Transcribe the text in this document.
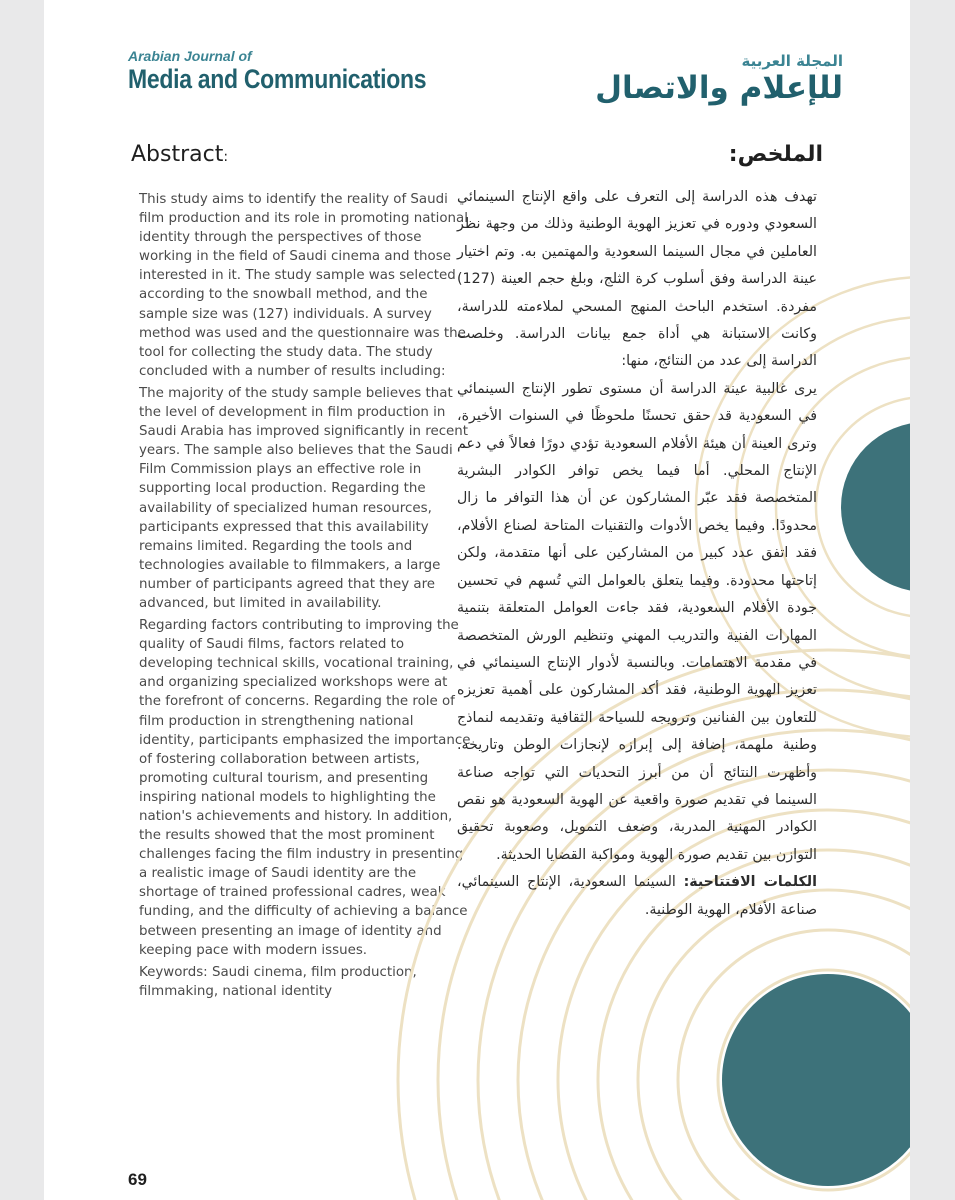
Arabian Journal of
Media and Communications
المجلة العربية
للإعلام والاتصال
Abstract:

This study aims to identify the reality of Saudi film production and its role in promoting national identity through the perspectives of those working in the field of Saudi cinema and those interested in it. The study sample was selected according to the snowball method, and the sample size was (127) individuals. A survey method was used and the questionnaire was the tool for collecting the study data. The study concluded with a number of results including:

The majority of the study sample believes that the level of development in film production in Saudi Arabia has improved significantly in recent years. The sample also believes that the Saudi Film Commission plays an effective role in supporting local production. Regarding the availability of specialized human resources, participants expressed that this availability remains limited. Regarding the tools and technologies available to filmmakers, a large number of participants agreed that they are advanced, but limited in availability.

Regarding factors contributing to improving the quality of Saudi films, factors related to developing technical skills, vocational training, and organizing specialized workshops were at the forefront of concerns. Regarding the role of film production in strengthening national identity, participants emphasized the importance of fostering collaboration between artists, promoting cultural tourism, and presenting inspiring national models to highlighting the nation's achievements and history. In addition, the results showed that the most prominent challenges facing the film industry in presenting a realistic image of Saudi identity are the shortage of trained professional cadres, weak funding, and the difficulty of achieving a balance between presenting an image of identity and keeping pace with modern issues.

Keywords: Saudi cinema, film production, filmmaking, national identity

الملخص:

تهدف هذه الدراسة إلى التعرف على واقع الإنتاج السينمائي السعودي ودوره في تعزيز الهوية الوطنية وذلك من وجهة نظر العاملين في مجال السينما السعودية والمهتمين به. وتم اختيار عينة الدراسة وفق أسلوب كرة الثلج، وبلغ حجم العينة (127) مفردة. استخدم الباحث المنهج المسحي لملاءمته للدراسة، وكانت الاستبانة هي أداة جمع بيانات الدراسة. وخلصت الدراسة إلى عدد من النتائج، منها:

يرى غالبية عينة الدراسة أن مستوى تطور الإنتاج السينمائي في السعودية قد حقق تحسنًا ملحوظًا في السنوات الأخيرة، وترى العينة أن هيئة الأفلام السعودية تؤدي دورًا فعالاً في دعم الإنتاج المحلي. أما فيما يخص توافر الكوادر البشرية المتخصصة فقد عبّر المشاركون عن أن هذا التوافر ما زال محدودًا. وفيما يخص الأدوات والتقنيات المتاحة لصناع الأفلام، فقد اتفق عدد كبير من المشاركين على أنها متقدمة، ولكن إتاحتها محدودة. وفيما يتعلق بالعوامل التي تُسهم في تحسين جودة الأفلام السعودية، فقد جاءت العوامل المتعلقة بتنمية المهارات الفنية والتدريب المهني وتنظيم الورش المتخصصة في مقدمة الاهتمامات. وبالنسبة لأدوار الإنتاج السينمائي في تعزيز الهوية الوطنية، فقد أكد المشاركون على أهمية تعزيزه للتعاون بين الفنانين وترويجه للسياحة الثقافية وتقديمه لنماذج وطنية ملهمة، إضافة إلى إبرازه لإنجازات الوطن وتاريخه. وأظهرت النتائج أن من أبرز التحديات التي تواجه صناعة السينما في تقديم صورة واقعية عن الهوية السعودية هو نقص الكوادر المهنية المدربة، وضعف التمويل، وصعوبة تحقيق التوازن بين تقديم صورة الهوية ومواكبة القضايا الحديثة.

الكلمات الافتتاحية: السينما السعودية، الإنتاج السينمائي، صناعة الأفلام، الهوية الوطنية.

69
